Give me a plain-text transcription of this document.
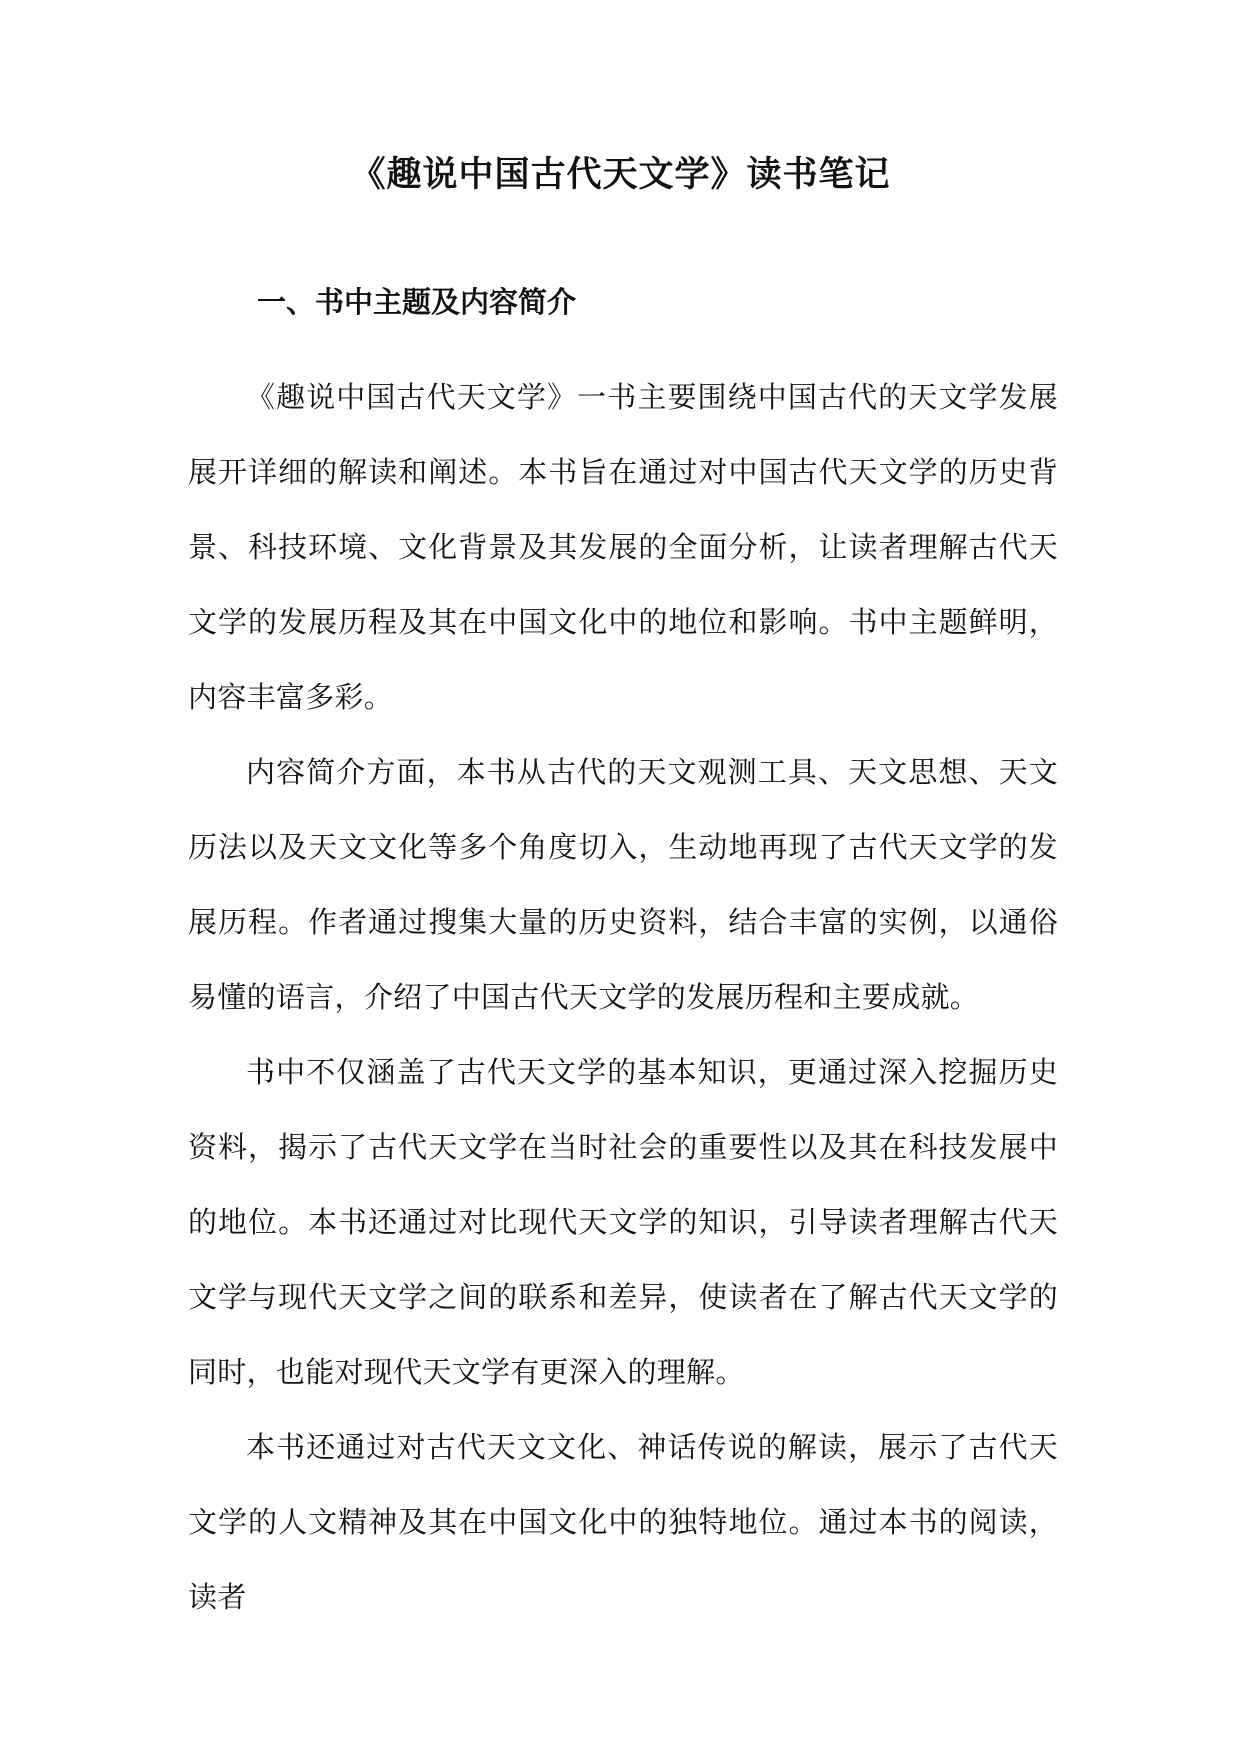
《趣说中国古代天文学》读书笔记
一、书中主题及内容简介

《趣说中国古代天文学》一书主要围绕中国古代的天文学发展展开详细的解读和阐述。本书旨在通过对中国古代天文学的历史背景、科技环境、文化背景及其发展的全面分析，让读者理解古代天文学的发展历程及其在中国文化中的地位和影响。书中主题鲜明，内容丰富多彩。

内容简介方面，本书从古代的天文观测工具、天文思想、天文历法以及天文文化等多个角度切入，生动地再现了古代天文学的发展历程。作者通过搜集大量的历史资料，结合丰富的实例，以通俗易懂的语言，介绍了中国古代天文学的发展历程和主要成就。

书中不仅涵盖了古代天文学的基本知识，更通过深入挖掘历史资料，揭示了古代天文学在当时社会的重要性以及其在科技发展中的地位。本书还通过对比现代天文学的知识，引导读者理解古代天文学与现代天文学之间的联系和差异，使读者在了解古代天文学的同时，也能对现代天文学有更深入的理解。

本书还通过对古代天文文化、神话传说的解读，展示了古代天文学的人文精神及其在中国文化中的独特地位。通过本书的阅读，读者
